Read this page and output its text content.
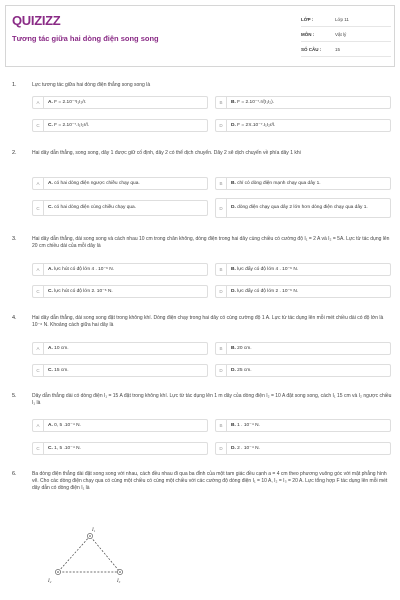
QUIZIZZ
Tương tác giữa hai dòng điện song song
LỚP :	Lớp 11
MÔN :	Vật lý
SỐ CÂU :	15
1.	Lực tương tác giữa hai dòng điện thẳng song song là
A	A. F = 2.10⁻⁷I₁I₂/r.	B	B. F = 2.10⁻⁷.r/(I₁I₂).
C	C. F = 2.10⁻⁷.I₁I₂r/l.	D	D. F = 2π.10⁻⁷.I₁I₂r/l.
2.	Hai dây dẫn thẳng, song song, dây 1 được giữ cố định, dây 2 có thể dịch chuyển. Dây 2 sẽ dịch chuyển về phía dây 1 khi
A	A. có hai dòng điện ngược chiều chạy qua.	B	B. chỉ có dòng điện mạnh chạy qua dây 1.
C	C. có hai dòng điện cùng chiều chạy qua.	D	D. dòng điện chạy qua dây 2 lớn hơn dòng điện chạy qua dây 1.
3.	Hai dây dẫn thẳng, dài song song và cách nhau 10 cm trong chân không, dòng điện trong hai dây cùng chiều có cường độ I₁ = 2 A và I₂ = 5A. Lực từ tác dụng lên 20 cm chiều dài của mỗi dây là
A	A. lực hút có độ lớn 4 . 10⁻⁶ N.	B	B. lực đẩy có độ lớn 4 . 10⁻⁶ N.
C	C. lực hút có độ lớn 2. 10⁻⁶ N.	D	D. lực đẩy có độ lớn 2 . 10⁻⁶ N.
4.	Hai dây dẫn thẳng, dài song song đặt trong không khí. Dòng điện chạy trong hai dây có cùng cường độ 1 A. Lực từ tác dụng lên mỗi mét chiều dài có độ lớn là 10⁻⁶ N. Khoảng cách giữa hai dây là
A	A. 10 cm.	B	B. 20 cm.
C	C. 15 cm.	D	D. 25 cm.
5.	Dây dẫn thẳng dài có dòng điện I₁ = 15 A đặt trong không khí. Lực từ tác dụng lên 1 m dây của dòng điện I₂ = 10 A đặt song song, cách I₁ 15 cm và I₂ ngược chiều I₁ là
A	A. 0, 5 .10⁻⁴ N.	B	B. 1 . 10⁻⁴ N.
C	C. 1, 5 .10⁻⁴ N.	D	D. 2 . 10⁻⁴ N.
6.	Ba dòng điện thẳng dài đặt song song với nhau, cách đều nhau đi qua ba đỉnh của một tam giác đều cạnh a = 4 cm theo phương vuông góc với mặt phẳng hình vẽ. Cho các dòng điện chạy qua có cùng một chiều có cùng một chiều với các cường độ dòng điện I₁ = 10 A, I₂ = I₃ = 20 A. Lực tổng hợp F tác dụng lên mỗi mét dây dẫn có dòng điện I₁ là
I₁
I₂	I₃
